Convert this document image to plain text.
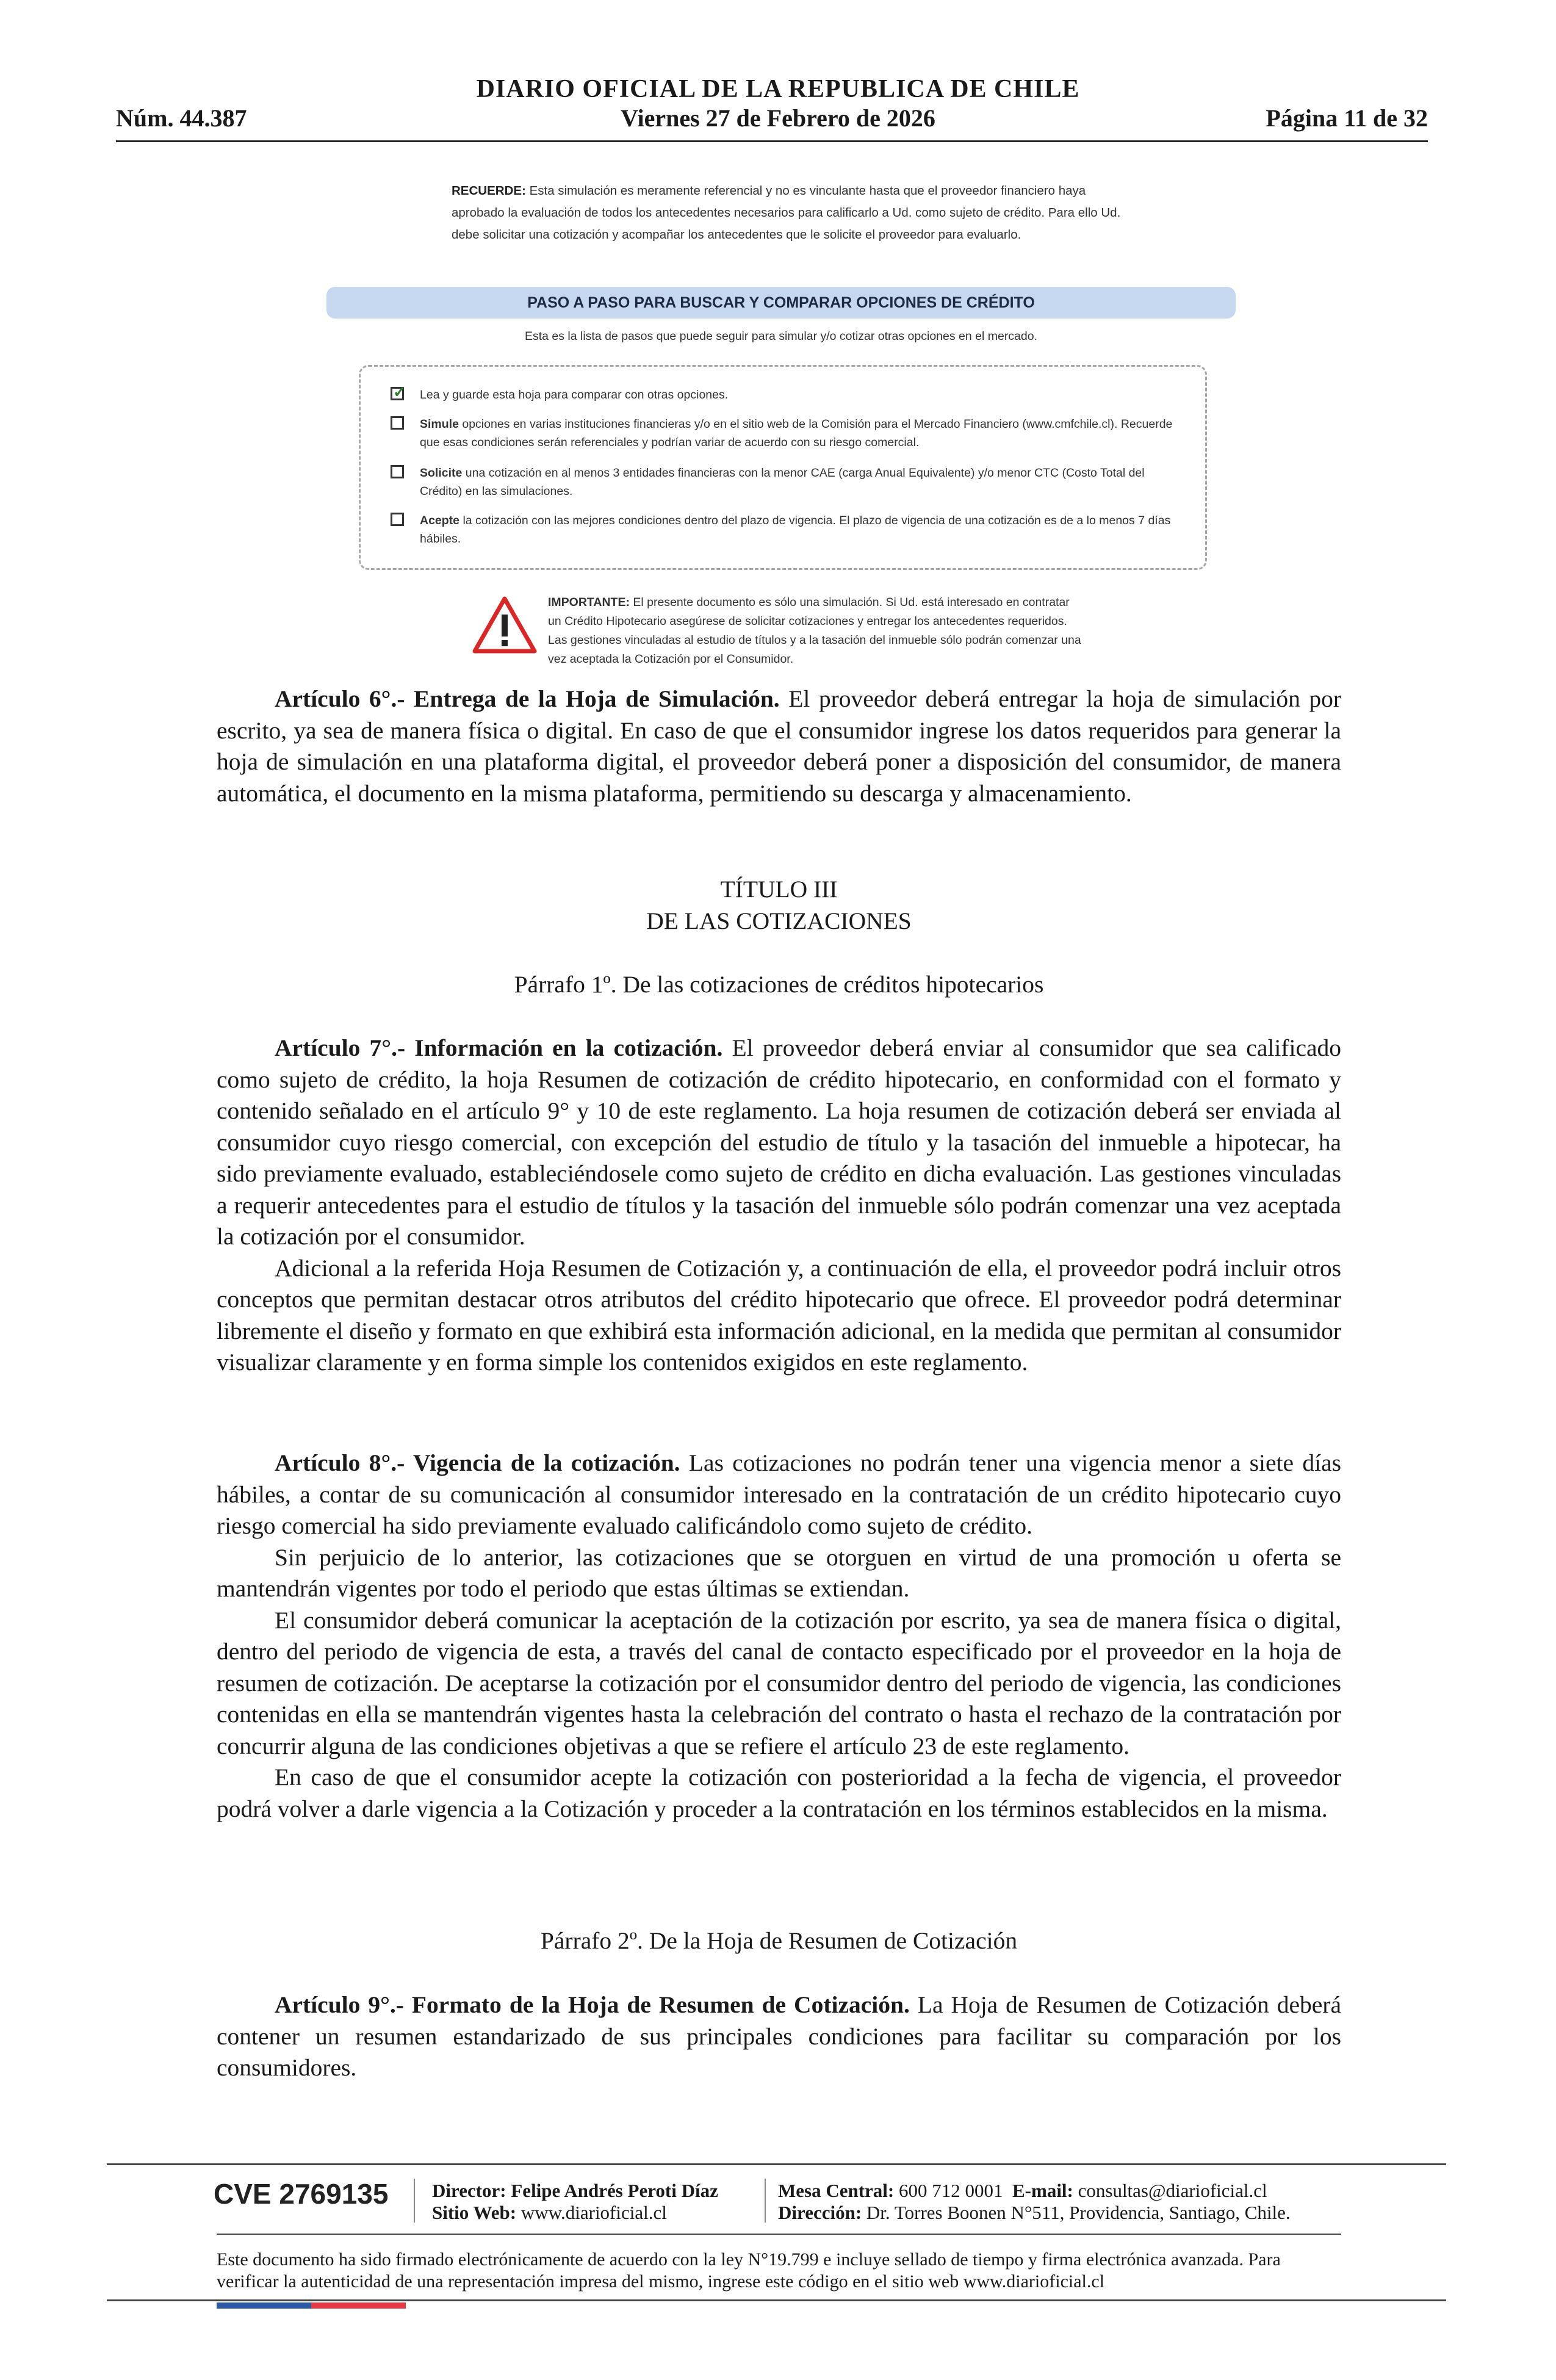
Núm. 44.387
DIARIO OFICIAL DE LA REPUBLICA DE CHILE
Viernes 27 de Febrero de 2026	Página 11 de 32
RECUERDE: Esta simulación es meramente referencial y no es vinculante hasta que el proveedor financiero haya aprobado la evaluación de todos los antecedentes necesarios para calificarlo a Ud. como sujeto de crédito. Para ello Ud. debe solicitar una cotización y acompañar los antecedentes que le solicite el proveedor para evaluarlo.
PASO A PASO PARA BUSCAR Y COMPARAR OPCIONES DE CRÉDITO
Esta es la lista de pasos que puede seguir para simular y/o cotizar otras opciones en el mercado.
✓
Lea y guarde esta hoja para comparar con otras opciones.
Simule opciones en varias instituciones financieras y/o en el sitio web de la Comisión para el Mercado Financiero (www.cmfchile.cl). Recuerde que esas condiciones serán referenciales y podrían variar de acuerdo con su riesgo comercial.
Solicite una cotización en al menos 3 entidades financieras con la menor CAE (carga Anual Equivalente) y/o menor CTC (Costo Total del Crédito) en las simulaciones.
Acepte la cotización con las mejores condiciones dentro del plazo de vigencia. El plazo de vigencia de una cotización es de a lo menos 7 días hábiles.
IMPORTANTE: El presente documento es sólo una simulación. Si Ud. está interesado en contratar un Crédito Hipotecario asegúrese de solicitar cotizaciones y entregar los antecedentes requeridos. Las gestiones vinculadas al estudio de títulos y a la tasación del inmueble sólo podrán comenzar una vez aceptada la Cotización por el Consumidor.

Artículo 6°.- Entrega de la Hoja de Simulación. El proveedor deberá entregar la hoja de simulación por escrito, ya sea de manera física o digital. En caso de que el consumidor ingrese los datos requeridos para generar la hoja de simulación en una plataforma digital, el proveedor deberá poner a disposición del consumidor, de manera automática, el documento en la misma plataforma, permitiendo su descarga y almacenamiento.

TÍTULO III
DE LAS COTIZACIONES
Párrafo 1º. De las cotizaciones de créditos hipotecarios

Artículo 7°.- Información en la cotización. El proveedor deberá enviar al consumidor que sea calificado como sujeto de crédito, la hoja Resumen de cotización de crédito hipotecario, en conformidad con el formato y contenido señalado en el artículo 9° y 10 de este reglamento. La hoja resumen de cotización deberá ser enviada al consumidor cuyo riesgo comercial, con excepción del estudio de título y la tasación del inmueble a hipotecar, ha sido previamente evaluado, estableciéndosele como sujeto de crédito en dicha evaluación. Las gestiones vinculadas a requerir antecedentes para el estudio de títulos y la tasación del inmueble sólo podrán comenzar una vez aceptada la cotización por el consumidor.

Adicional a la referida Hoja Resumen de Cotización y, a continuación de ella, el proveedor podrá incluir otros conceptos que permitan destacar otros atributos del crédito hipotecario que ofrece. El proveedor podrá determinar libremente el diseño y formato en que exhibirá esta información adicional, en la medida que permitan al consumidor visualizar claramente y en forma simple los contenidos exigidos en este reglamento.

Artículo 8°.- Vigencia de la cotización. Las cotizaciones no podrán tener una vigencia menor a siete días hábiles, a contar de su comunicación al consumidor interesado en la contratación de un crédito hipotecario cuyo riesgo comercial ha sido previamente evaluado calificándolo como sujeto de crédito.

Sin perjuicio de lo anterior, las cotizaciones que se otorguen en virtud de una promoción u oferta se mantendrán vigentes por todo el periodo que estas últimas se extiendan.

El consumidor deberá comunicar la aceptación de la cotización por escrito, ya sea de manera física o digital, dentro del periodo de vigencia de esta, a través del canal de contacto especificado por el proveedor en la hoja de resumen de cotización. De aceptarse la cotización por el consumidor dentro del periodo de vigencia, las condiciones contenidas en ella se mantendrán vigentes hasta la celebración del contrato o hasta el rechazo de la contratación por concurrir alguna de las condiciones objetivas a que se refiere el artículo 23 de este reglamento.

En caso de que el consumidor acepte la cotización con posterioridad a la fecha de vigencia, el proveedor podrá volver a darle vigencia a la Cotización y proceder a la contratación en los términos establecidos en la misma.

Párrafo 2º. De la Hoja de Resumen de Cotización

Artículo 9°.- Formato de la Hoja de Resumen de Cotización. La Hoja de Resumen de Cotización deberá contener un resumen estandarizado de sus principales condiciones para facilitar su comparación por los consumidores.

CVE 2769135 Director: Felipe Andrés Peroti Díaz
Sitio Web: www.diarioficial.cl
Mesa Central: 600 712 0001 E-mail: consultas@diarioficial.cl
Dirección: Dr. Torres Boonen N°511, Providencia, Santiago, Chile.
Este documento ha sido firmado electrónicamente de acuerdo con la ley N°19.799 e incluye sellado de tiempo y firma electrónica avanzada. Para verificar la autenticidad de una representación impresa del mismo, ingrese este código en el sitio web www.diarioficial.cl
